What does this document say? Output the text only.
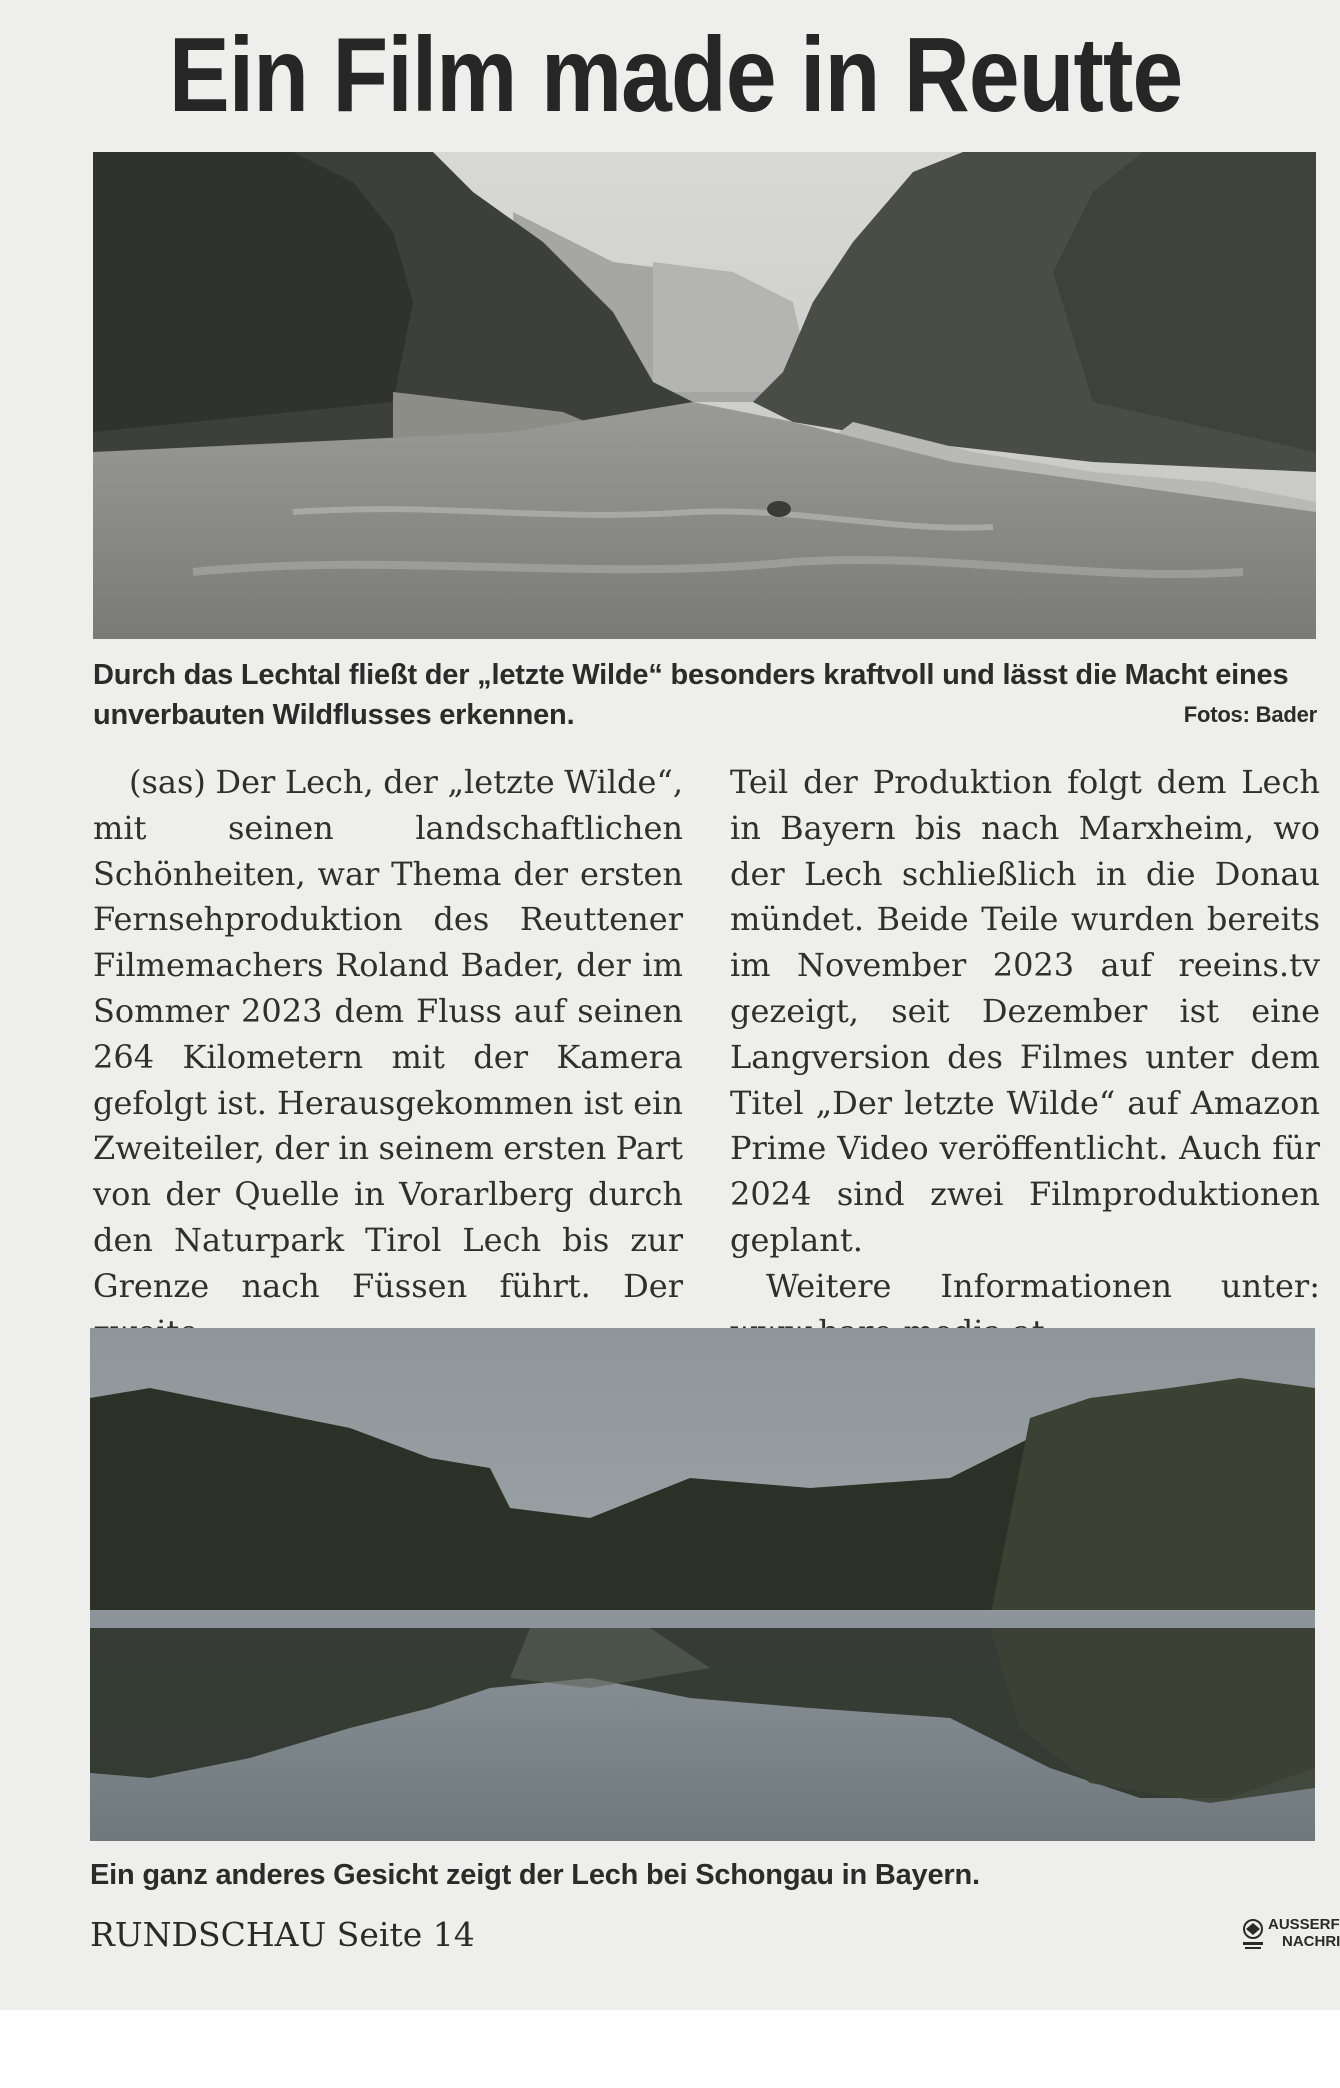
Ein Film made in Reutte
Durch das Lechtal fließt der „letzte Wilde“ besonders kraftvoll und lässt die Macht eines unverbauten Wildflusses erkennen.	Fotos: Bader

(sas) Der Lech, der „letzte Wilde“, mit seinen landschaftlichen Schönheiten, war Thema der ersten Fernsehproduktion des Reuttener Filmemachers Roland Bader, der im Sommer 2023 dem Fluss auf seinen 264 Kilometern mit der Kamera gefolgt ist. Herausgekommen ist ein Zweiteiler, der in seinem ersten Part von der Quelle in Vorarlberg durch den Naturpark Tirol Lech bis zur Grenze nach Füssen führt. Der

Teil der Produktion folgt dem Lech in Bayern bis nach Marxheim, wo der Lech schließlich in die Donau mündet. Beide Teile wurden bereits im November 2023 auf reeins.tv gezeigt, seit Dezember ist eine Langversion des Filmes unter dem Titel „Der letzte Wilde“ auf Amazon Prime Video veröffentlicht. Auch für 2024 sind zwei Filmproduktionen geplant.

Weitere Informationen unter:

Ein ganz anderes Gesicht zeigt der Lech bei Schongau in Bayern.
RUNDSCHAU Seite 14	AUSSERF
NACHRI
